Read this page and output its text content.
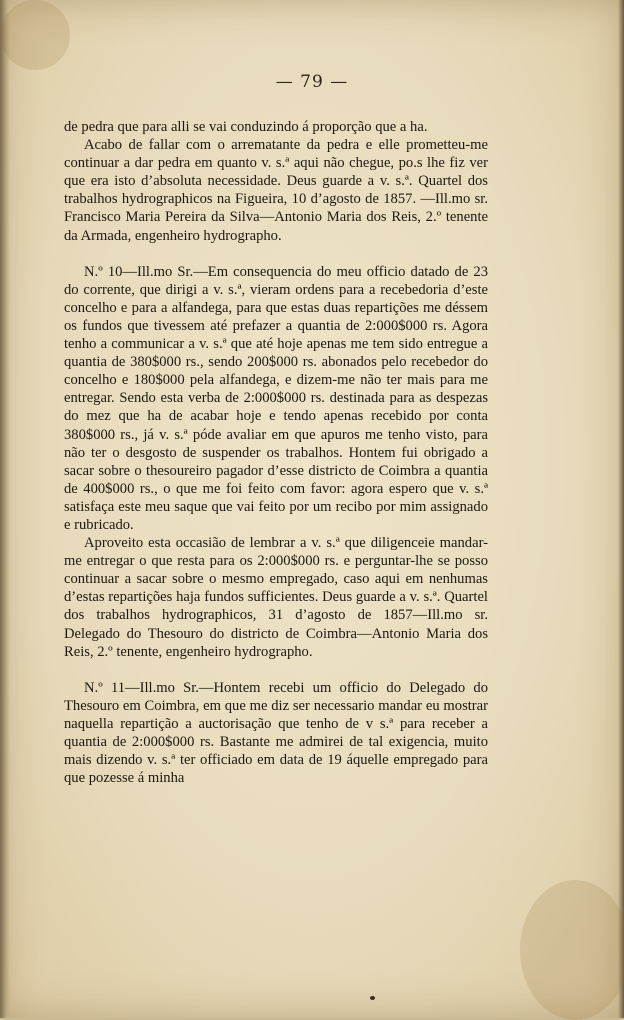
— 79 —

de pedra que para alli se vai conduzindo á proporção que a ha.

Acabo de fallar com o arrematante da pedra e elle prometteu-me continuar a dar pedra em quanto v. s.ª aqui não chegue, po.s lhe fiz ver que era isto d’absoluta necessidade. Deus guarde a v. s.ª. Quartel dos trabalhos hydrographicos na Figueira, 10 d’agosto de 1857. —Ill.mo sr. Francisco Maria Pereira da Silva—Antonio Maria dos Reis, 2.º tenente da Armada, engenheiro hydrographo.

N.º 10—Ill.mo Sr.—Em consequencia do meu officio datado de 23 do corrente, que dirigi a v. s.ª, vieram ordens para a recebedoria d’este concelho e para a alfandega, para que estas duas repartições me déssem os fundos que tivessem até prefazer a quantia de 2:000$000 rs. Agora tenho a communicar a v. s.ª que até hoje apenas me tem sido entregue a quantia de 380$000 rs., sendo 200$000 rs. abonados pelo recebedor do concelho e 180$000 pela alfandega, e dizem-me não ter mais para me entregar. Sendo esta verba de 2:000$000 rs. destinada para as despezas do mez que ha de acabar hoje e tendo apenas recebido por conta 380$000 rs., já v. s.ª póde avaliar em que apuros me tenho visto, para não ter o desgosto de suspender os trabalhos. Hontem fui obrigado a sacar sobre o thesoureiro pagador d’esse districto de Coimbra a quantia de 400$000 rs., o que me foi feito com favor: agora espero que v. s.ª satisfaça este meu saque que vai feito por um recibo por mim assignado e rubricado.

Aproveito esta occasião de lembrar a v. s.ª que diligenceie mandar-me entregar o que resta para os 2:000$000 rs. e perguntar-lhe se posso continuar a sacar sobre o mesmo empregado, caso aqui em nenhumas d’estas repartições haja fundos sufficientes. Deus guarde a v. s.ª. Quartel dos trabalhos hydrographicos, 31 d’agosto de 1857—Ill.mo sr. Delegado do Thesouro do districto de Coimbra—Antonio Maria dos Reis, 2.º tenente, engenheiro hydrographo.

N.º 11—Ill.mo Sr.—Hontem recebi um officio do Delegado do Thesouro em Coimbra, em que me diz ser necessario mandar eu mostrar naquella repartição a auctorisação que tenho de v s.ª para receber a quantia de 2:000$000 rs. Bastante me admirei de tal exigencia, muito mais dizendo v. s.ª ter officiado em data de 19 áquelle empregado para que pozesse á minha
